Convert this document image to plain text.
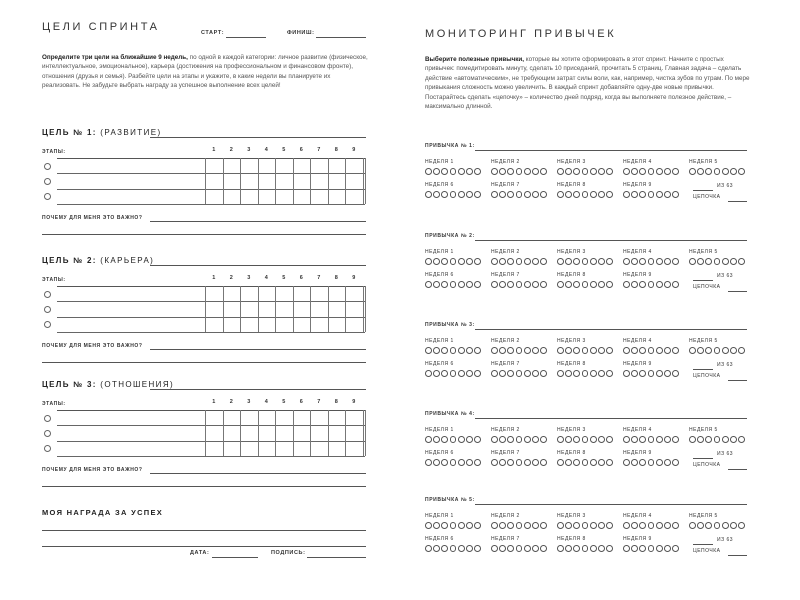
ЦЕЛИ СПРИНТА	СТАРТ:	ФИНИШ:
Определите три цели на ближайшие 9 недель, по одной в каждой категории: личное развитие (физическое, интеллектуальное, эмоциональное), карьера (достижения на профессиональном и финансовом фронте), отношения (друзья и семья). Разбейте цели на этапы и укажите, в какие недели вы планируете их реализовать. Не забудьте выбрать награду за успешное выполнение всех целей!
ЦЕЛЬ № 1: (РАЗВИТИЕ)
ЭТАПЫ:	1	2	3	4	5	6	7	8	9
ПОЧЕМУ ДЛЯ МЕНЯ ЭТО ВАЖНО?
ЦЕЛЬ № 2: (КАРЬЕРА)
ЭТАПЫ:	1	2	3	4	5	6	7	8	9
ПОЧЕМУ ДЛЯ МЕНЯ ЭТО ВАЖНО?
ЦЕЛЬ № 3: (ОТНОШЕНИЯ)
ЭТАПЫ:	1	2	3	4	5	6	7	8	9
ПОЧЕМУ ДЛЯ МЕНЯ ЭТО ВАЖНО?
МОЯ НАГРАДА ЗА УСПЕХ
ДАТА:	ПОДПИСЬ:
МОНИТОРИНГ ПРИВЫЧЕК
Выберите полезные привычки, которые вы хотите сформировать в этот спринт. Начните с простых привычек: помедитировать минуту, сделать 10 приседаний, прочитать 5 страниц. Главная задача – сделать действие «автоматическим», не требующим затрат силы воли, как, например, чистка зубов по утрам. По мере привыкания сложность можно увеличить. В каждый спринт добавляйте одну-две новые привычки. Постарайтесь сделать «цепочку» – количество дней подряд, когда вы выполняете полезное действие, – максимально длинной.
ПРИВЫЧКА № 1:
НЕДЕЛЯ 1	НЕДЕЛЯ 2	НЕДЕЛЯ 3	НЕДЕЛЯ 4	НЕДЕЛЯ 5
НЕДЕЛЯ 6	НЕДЕЛЯ 7	НЕДЕЛЯ 8	НЕДЕЛЯ 9	ИЗ 63
ЦЕПОЧКА
ПРИВЫЧКА № 2:
НЕДЕЛЯ 1	НЕДЕЛЯ 2	НЕДЕЛЯ 3	НЕДЕЛЯ 4	НЕДЕЛЯ 5
НЕДЕЛЯ 6	НЕДЕЛЯ 7	НЕДЕЛЯ 8	НЕДЕЛЯ 9	ИЗ 63
ЦЕПОЧКА
ПРИВЫЧКА № 3:
НЕДЕЛЯ 1	НЕДЕЛЯ 2	НЕДЕЛЯ 3	НЕДЕЛЯ 4	НЕДЕЛЯ 5
НЕДЕЛЯ 6	НЕДЕЛЯ 7	НЕДЕЛЯ 8	НЕДЕЛЯ 9	ИЗ 63
ЦЕПОЧКА
ПРИВЫЧКА № 4:
НЕДЕЛЯ 1	НЕДЕЛЯ 2	НЕДЕЛЯ 3	НЕДЕЛЯ 4	НЕДЕЛЯ 5
НЕДЕЛЯ 6	НЕДЕЛЯ 7	НЕДЕЛЯ 8	НЕДЕЛЯ 9	ИЗ 63
ЦЕПОЧКА
ПРИВЫЧКА № 5:
НЕДЕЛЯ 1	НЕДЕЛЯ 2	НЕДЕЛЯ 3	НЕДЕЛЯ 4	НЕДЕЛЯ 5
НЕДЕЛЯ 6	НЕДЕЛЯ 7	НЕДЕЛЯ 8	НЕДЕЛЯ 9	ИЗ 63
ЦЕПОЧКА
